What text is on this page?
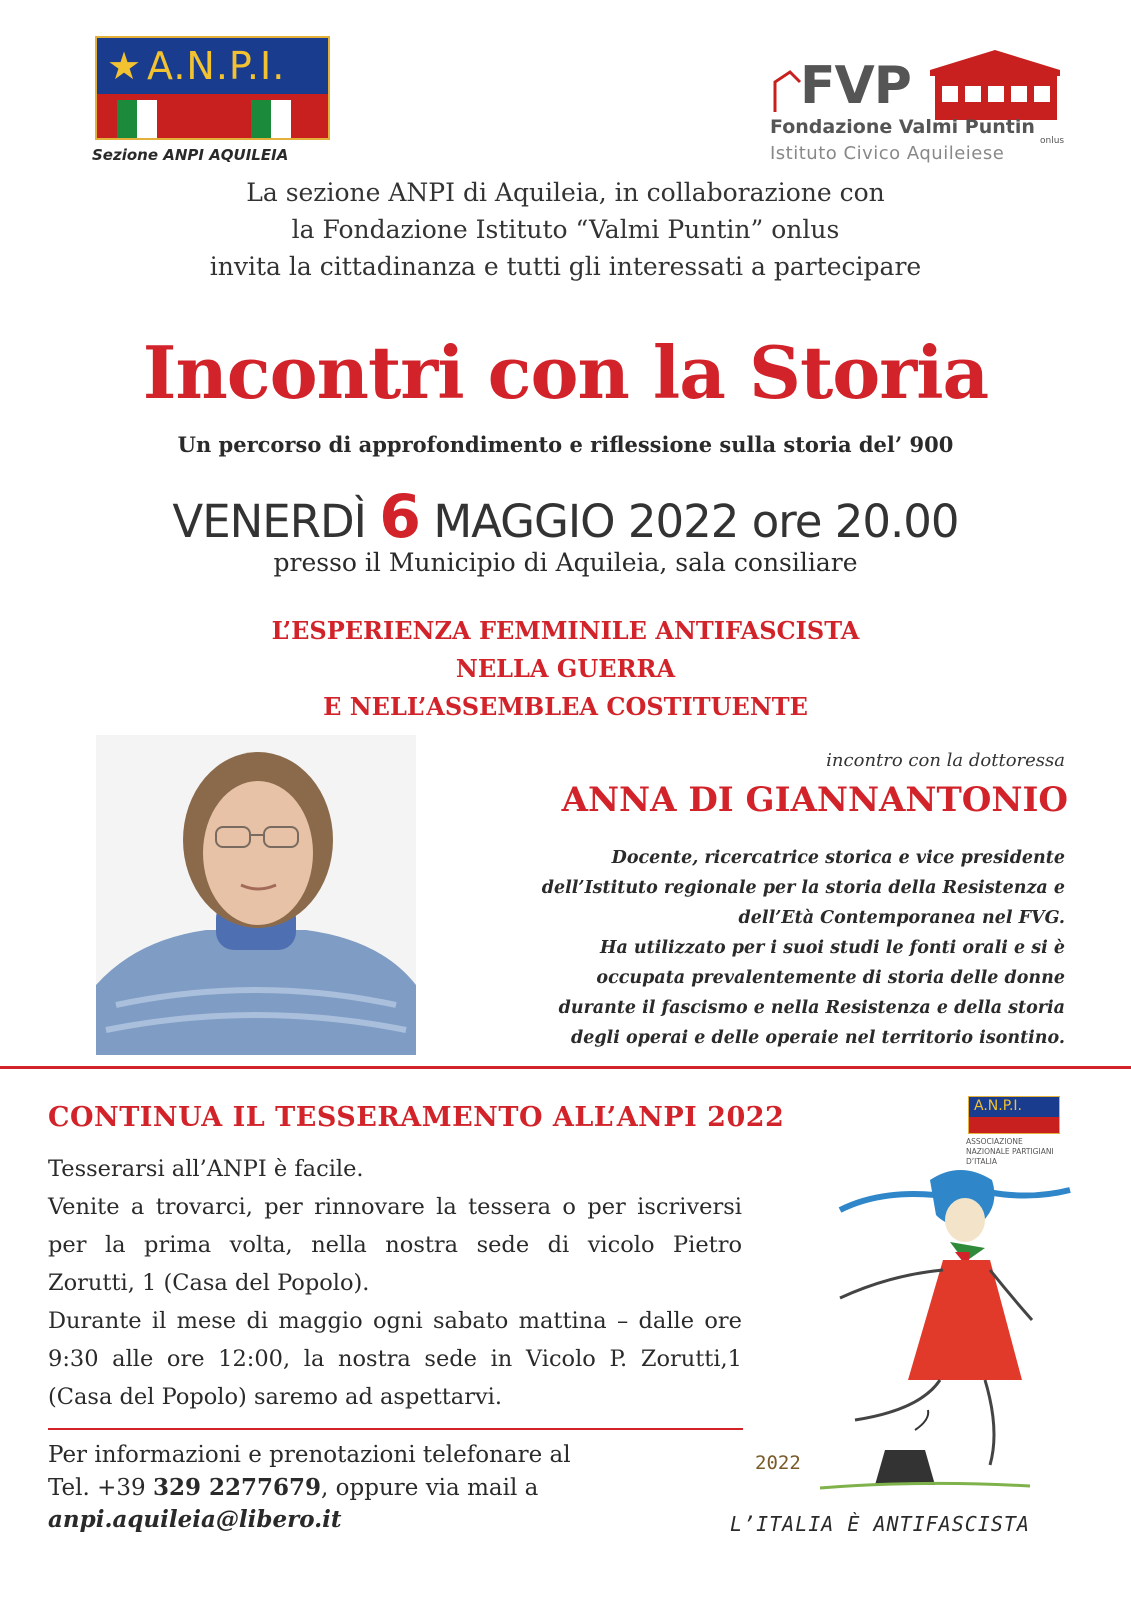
★ A.N.P.I.
Sezione ANPI AQUILEIA
FVP
Fondazione Valmi Puntin
onlus
Istituto Civico Aquileiese
La sezione ANPI di Aquileia, in collaborazione con
la Fondazione Istituto “Valmi Puntin” onlus
invita la cittadinanza e tutti gli interessati a partecipare
Incontri con la Storia
Un percorso di approfondimento e riflessione sulla storia del’ 900
VENERDÌ 6 MAGGIO 2022 ore 20.00
presso il Municipio di Aquileia, sala consiliare
L’ESPERIENZA FEMMINILE ANTIFASCISTA
NELLA GUERRA
E NELL’ASSEMBLEA COSTITUENTE
incontro con la dottoressa
ANNA DI GIANNANTONIO
Docente, ricercatrice storica e vice presidente
dell’Istituto regionale per la storia della Resistenza e
dell’Età Contemporanea nel FVG.
Ha utilizzato per i suoi studi le fonti orali e si è
occupata prevalentemente di storia delle donne
durante il fascismo e nella Resistenza e della storia
degli operai e delle operaie nel territorio isontino.
CONTINUA IL TESSERAMENTO ALL’ANPI 2022
Tesserarsi all’ANPI è facile.
Venite a trovarci, per rinnovare la tessera o per iscriversi
per la prima volta, nella nostra sede di vicolo Pietro
Zorutti, 1 (Casa del Popolo).
Durante il mese di maggio ogni sabato mattina – dalle ore
9:30 alle ore 12:00, la nostra sede in Vicolo P. Zorutti,1
(Casa del Popolo) saremo ad aspettarvi.
Per informazioni e prenotazioni telefonare al
Tel. +39 329 2277679, oppure via mail a
anpi.aquileia@libero.it
A.N.P.I.
ASSOCIAZIONE NAZIONALE PARTIGIANI D’ITALIA
2022
L’ITALIA È ANTIFASCISTA
